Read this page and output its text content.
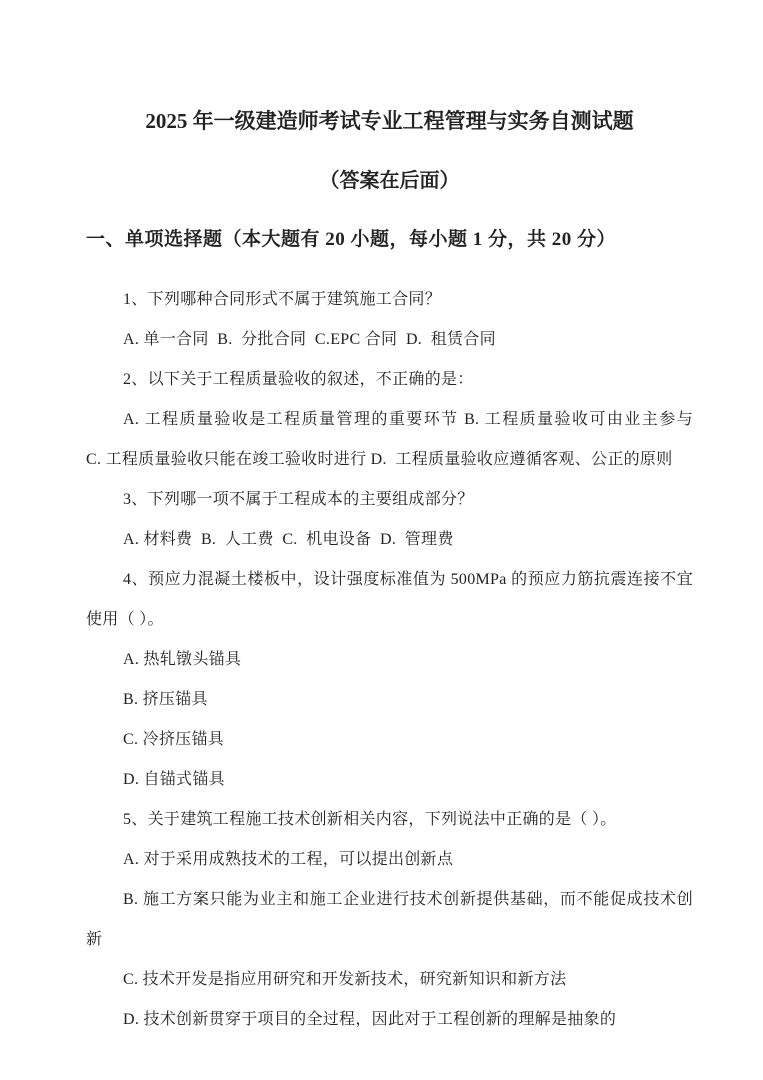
2025 年一级建造师考试专业工程管理与实务自测试题
（答案在后面）
一、单项选择题（本大题有 20 小题，每小题 1 分，共 20 分）

1、下列哪种合同形式不属于建筑施工合同？

A. 单一合同  B.  分批合同  C.EPC 合同  D.  租赁合同

2、以下关于工程质量验收的叙述，不正确的是：

A. 工程质量验收是工程质量管理的重要环节 B. 工程质量验收可由业主参与 C. 工程质量验收只能在竣工验收时进行 D.  工程质量验收应遵循客观、公正的原则

3、下列哪一项不属于工程成本的主要组成部分？

A. 材料费  B.  人工费  C.  机电设备  D.  管理费

4、预应力混凝土楼板中，设计强度标准值为 500MPa 的预应力筋抗震连接不宜使用（ ）。

A. 热轧镦头锚具

B. 挤压锚具

C. 冷挤压锚具

D. 自锚式锚具

5、关于建筑工程施工技术创新相关内容，下列说法中正确的是（ ）。

A. 对于采用成熟技术的工程，可以提出创新点

B. 施工方案只能为业主和施工企业进行技术创新提供基础，而不能促成技术创新

C. 技术开发是指应用研究和开发新技术，研究新知识和新方法

D. 技术创新贯穿于项目的全过程，因此对于工程创新的理解是抽象的
